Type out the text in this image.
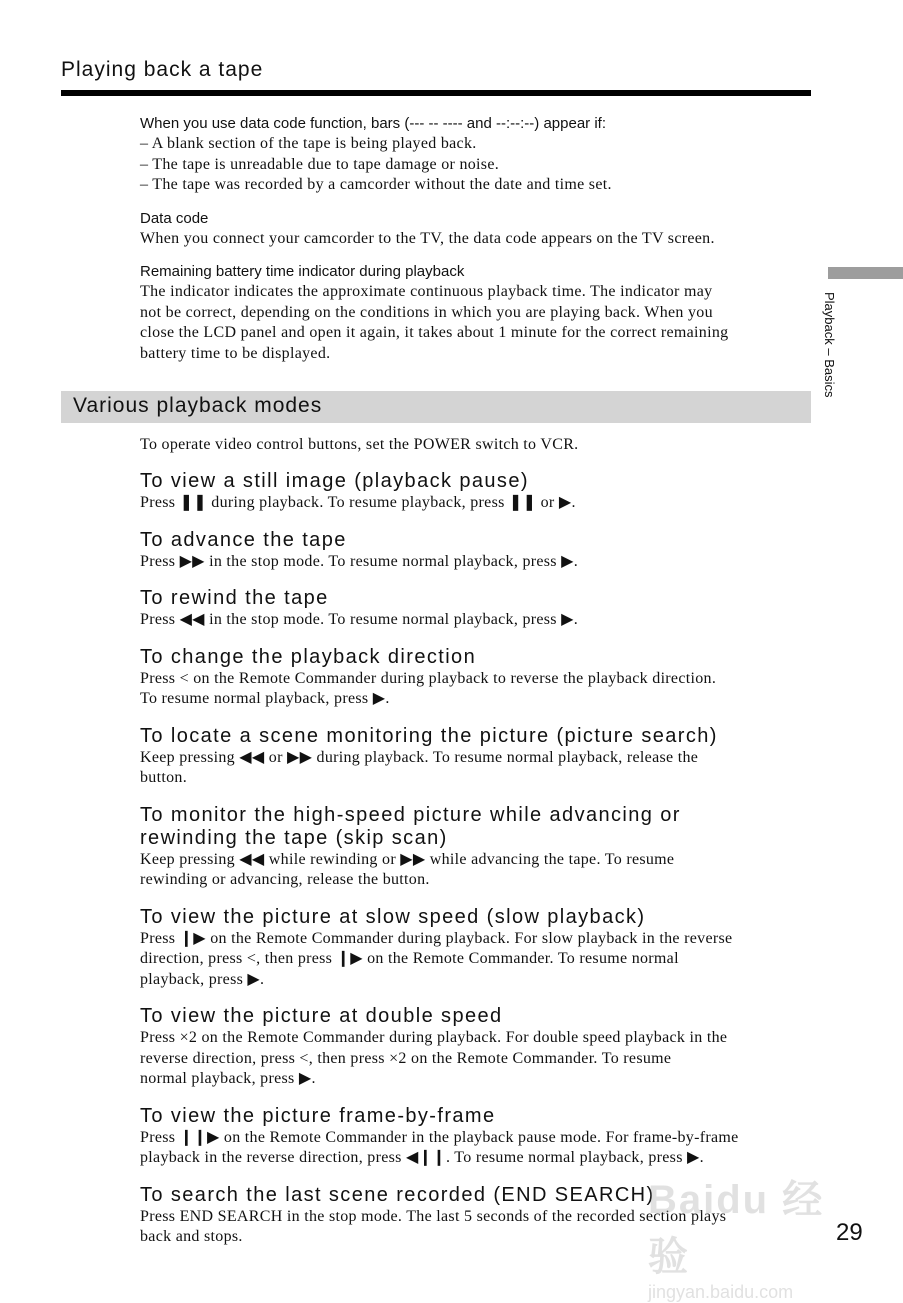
Playing back a tape

When you use data code function, bars (--- -- ---- and --:--:--) appear if:

– A blank section of the tape is being played back.

– The tape is unreadable due to tape damage or noise.

– The tape was recorded by a camcorder without the date and time set.

Data code

When you connect your camcorder to the TV, the data code appears on the TV screen.

Remaining battery time indicator during playback

The indicator indicates the approximate continuous playback time. The indicator may

not be correct, depending on the conditions in which you are playing back. When you

close the LCD panel and open it again, it takes about 1 minute for the correct remaining

battery time to be displayed.

Various playback modes

To operate video control buttons, set the POWER switch to VCR.

To view a still image (playback pause)

Press ❚❚ during playback. To resume playback, press ❚❚ or ▶.

To advance the tape

Press ▶▶ in the stop mode. To resume normal playback, press ▶.

To rewind the tape

Press ◀◀ in the stop mode. To resume normal playback, press ▶.

To change the playback direction

Press < on the Remote Commander during playback to reverse the playback direction.

To resume normal playback, press ▶.

To locate a scene monitoring the picture (picture search)

Keep pressing ◀◀ or ▶▶ during playback. To resume normal playback, release the

button.

To monitor the high-speed picture while advancing or

rewinding the tape (skip scan)

Keep pressing ◀◀ while rewinding or ▶▶ while advancing the tape. To resume

rewinding or advancing, release the button.

To view the picture at slow speed (slow playback)

Press ❙▶ on the Remote Commander during playback. For slow playback in the reverse

direction, press <, then press ❙▶ on the Remote Commander. To resume normal

playback, press ▶.

To view the picture at double speed

Press ×2 on the Remote Commander during playback. For double speed playback in the

reverse direction, press <, then press ×2 on the Remote Commander. To resume

normal playback, press ▶.

To view the picture frame-by-frame

Press ❙❙▶ on the Remote Commander in the playback pause mode. For frame-by-frame

playback in the reverse direction, press ◀❙❙. To resume normal playback, press ▶.

To search the last scene recorded (END SEARCH)

Press END SEARCH in the stop mode. The last 5 seconds of the recorded section plays

back and stops.

Playback – Basics
Baidu 经验
jingyan.baidu.com
29
